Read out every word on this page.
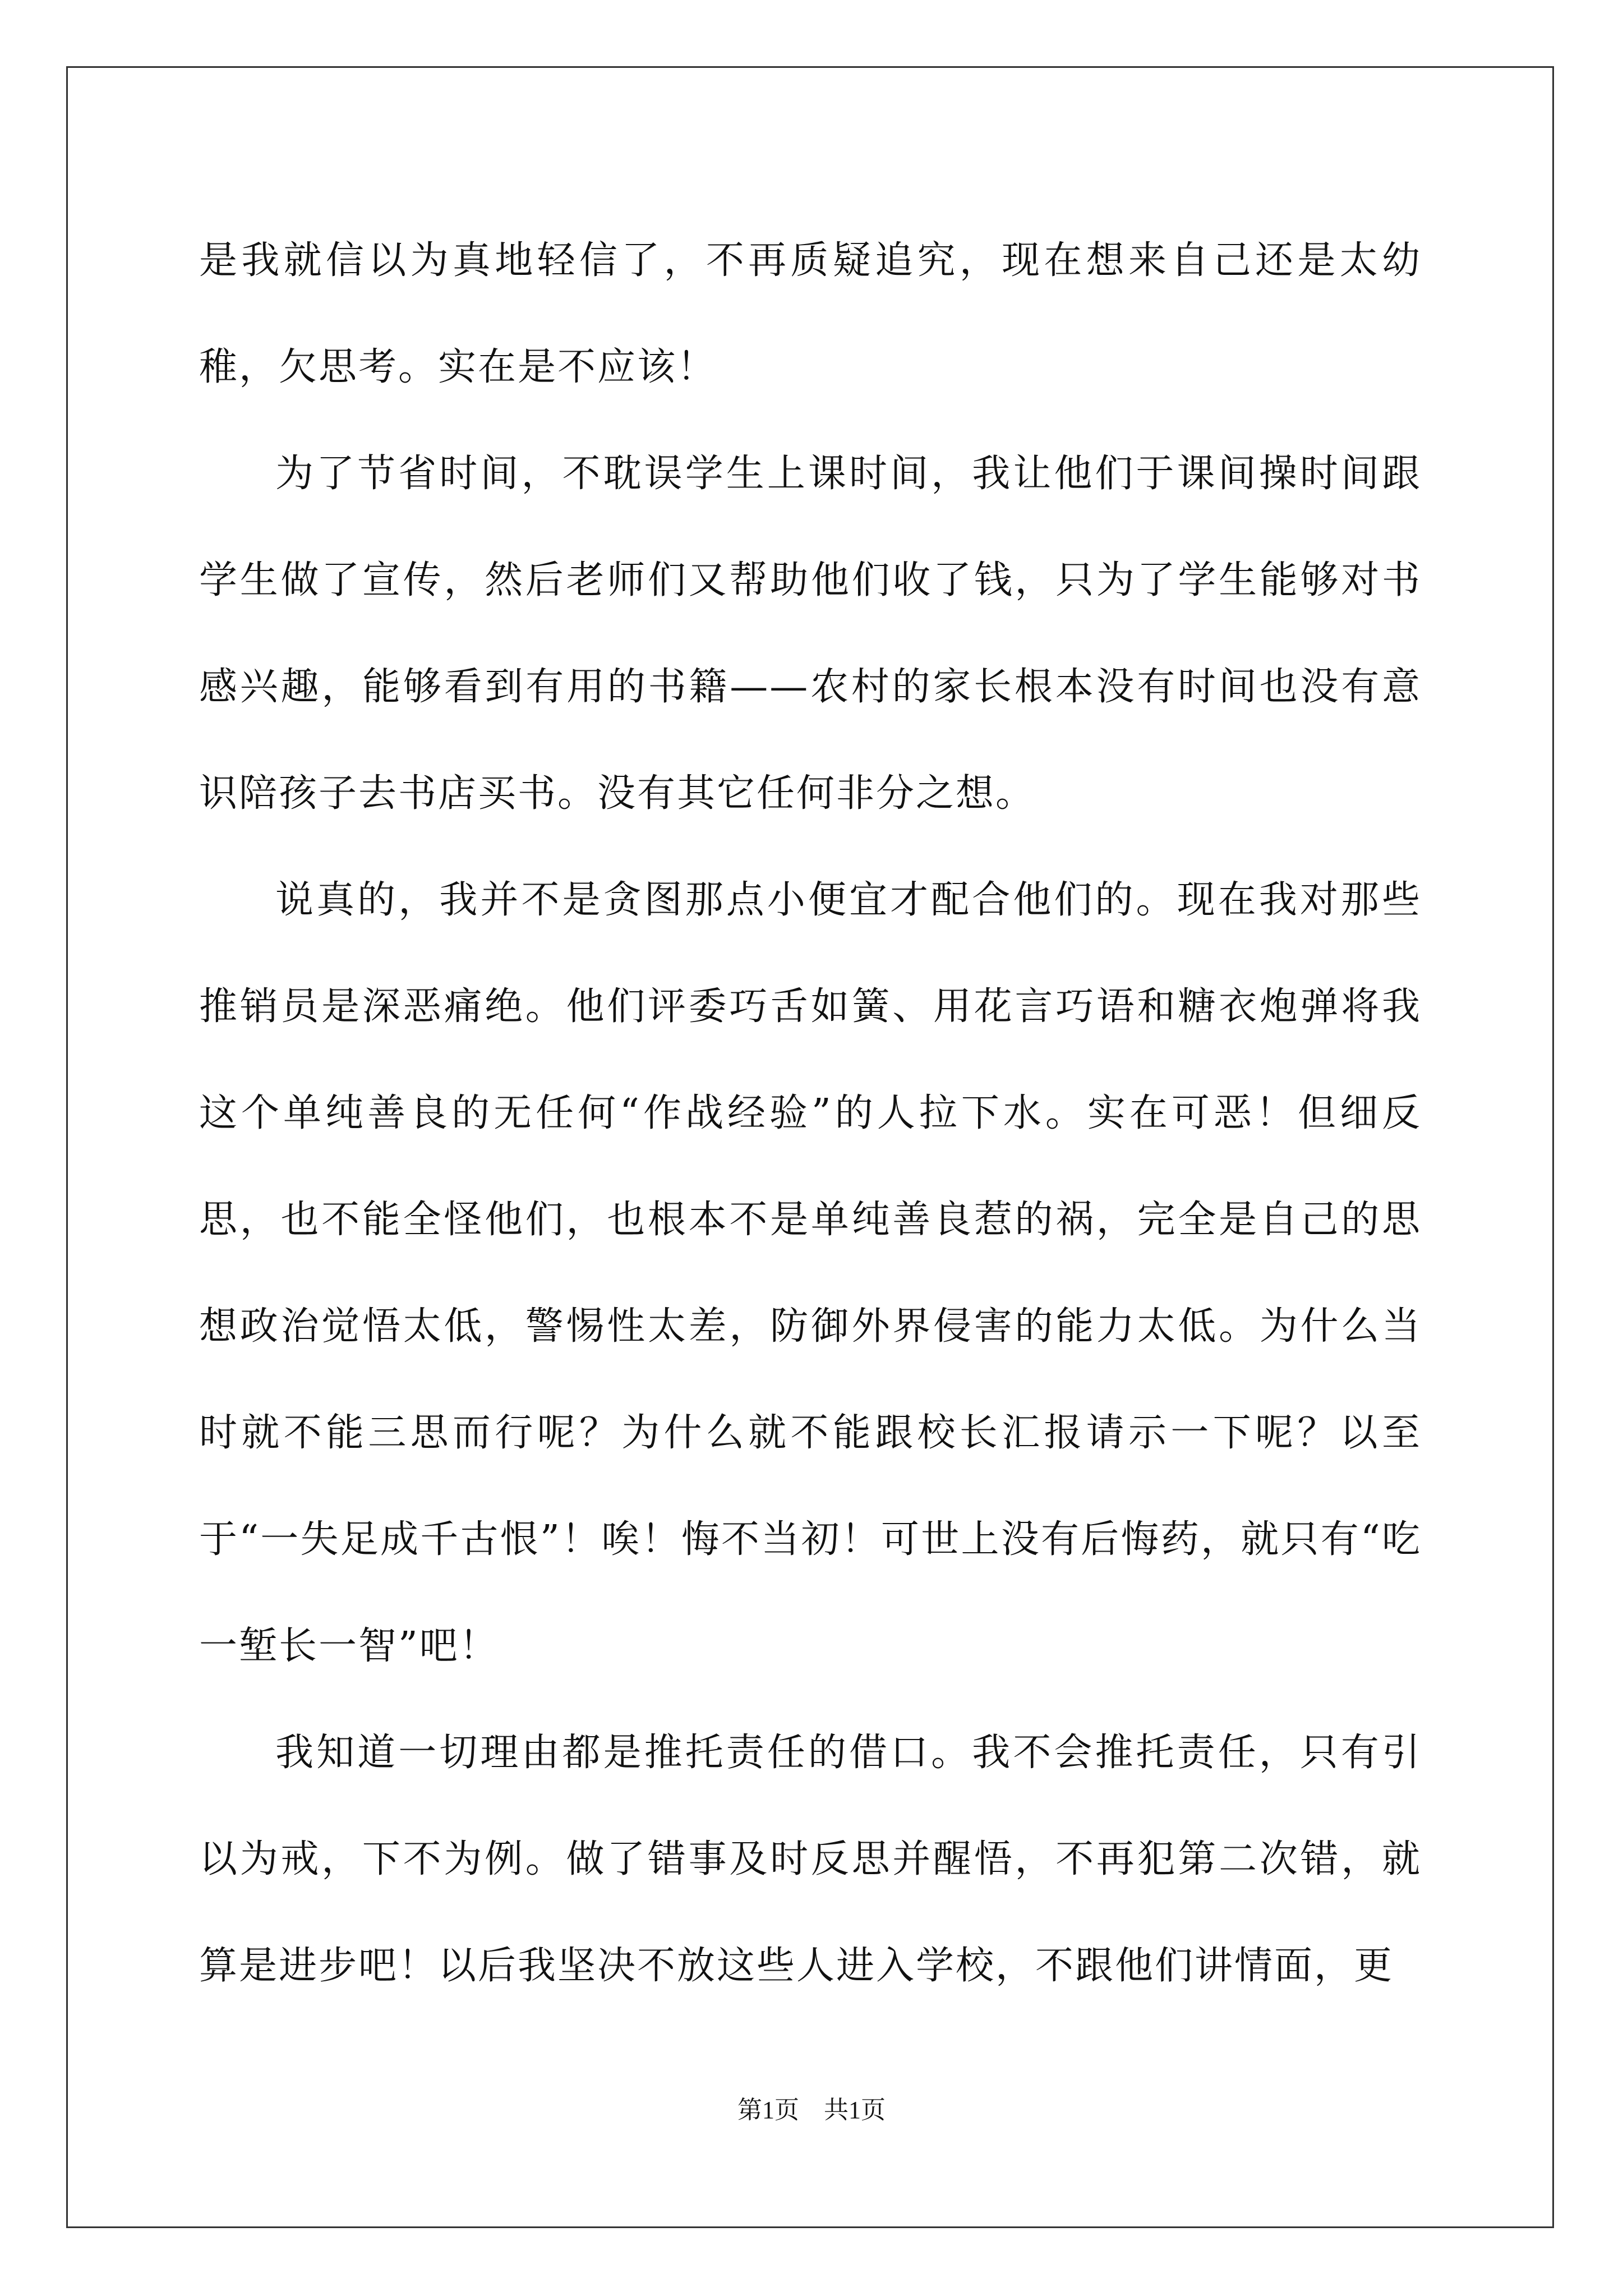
是我就信以为真地轻信了，不再质疑追究，现在想来自己还是太幼稚，欠思考。实在是不应该！

为了节省时间，不耽误学生上课时间，我让他们于课间操时间跟学生做了宣传，然后老师们又帮助他们收了钱，只为了学生能够对书感兴趣，能够看到有用的书籍——农村的家长根本没有时间也没有意识陪孩子去书店买书。没有其它任何非分之想。

说真的，我并不是贪图那点小便宜才配合他们的。现在我对那些推销员是深恶痛绝。他们评委巧舌如簧、用花言巧语和糖衣炮弹将我这个单纯善良的无任何“作战经验”的人拉下水。实在可恶！但细反思，也不能全怪他们，也根本不是单纯善良惹的祸，完全是自己的思想政治觉悟太低，警惕性太差，防御外界侵害的能力太低。为什么当时就不能三思而行呢？为什么就不能跟校长汇报请示一下呢？以至于“一失足成千古恨”！唉！悔不当初！可世上没有后悔药，就只有“吃一堑长一智”吧！

我知道一切理由都是推托责任的借口。我不会推托责任，只有引以为戒，下不为例。做了错事及时反思并醒悟，不再犯第二次错，就算是进步吧！以后我坚决不放这些人进入学校，不跟他们讲情面，更

第1页　共1页
